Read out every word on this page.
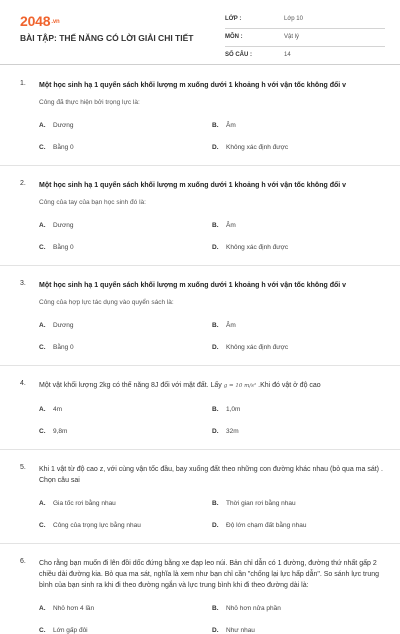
2048.vn
BÀI TẬP: THẾ NĂNG CÓ LỜI GIẢI CHI TIẾT
LỚP :	Lớp 10
MÔN :	Vật lý
SỐ CÂU :	14
1. Một học sinh hạ 1 quyển sách khối lượng m xuống dưới 1 khoảng h với vận tốc không đổi v
Công đã thực hiện bởi trọng lực là:
A. Dương	B. Âm
C. Bằng 0	D. Không xác định được
2. Một học sinh hạ 1 quyển sách khối lượng m xuống dưới 1 khoảng h với vận tốc không đổi v
Công của tay của bạn học sinh đó là:
A. Dương	B. Âm
C. Bằng 0	D. Không xác định được
3. Một học sinh hạ 1 quyển sách khối lượng m xuống dưới 1 khoảng h với vận tốc không đổi v
Công của hợp lực tác dụng vào quyển sách là:
A. Dương	B. Âm
C. Bằng 0	D. Không xác định được
4. Một vật khối lượng 2kg có thế năng 8J đối với mặt đất. Lấy g = 10 m/s² .Khi đó vật ở độ cao
A. 4m	B. 1,0m
C. 9,8m	D. 32m
5. Khi 1 vật từ độ cao z, với cùng vận tốc đầu, bay xuống đất theo những con đường khác nhau (bỏ qua ma sát) . Chọn câu sai
A. Gia tốc rơi bằng nhau	B. Thời gian rơi bằng nhau
C. Công của trọng lực bằng nhau	D. Độ lớn chạm đất bằng nhau
6. Cho rằng bạn muốn đi lên đồi dốc đứng bằng xe đạp leo núi. Bản chỉ dẫn có 1 đường, đường thứ nhất gấp 2 chiều dài đường kia. Bỏ qua ma sát, nghĩa là xem như bạn chỉ cần "chống lại lực hấp dẫn". So sánh lực trung bình của bạn sinh ra khi đi theo đường ngắn và lực trung bình khi đi theo đường dài là:
A. Nhỏ hơn 4 lần	B. Nhỏ hơn nửa phần
C. Lớn gấp đôi	D. Như nhau
